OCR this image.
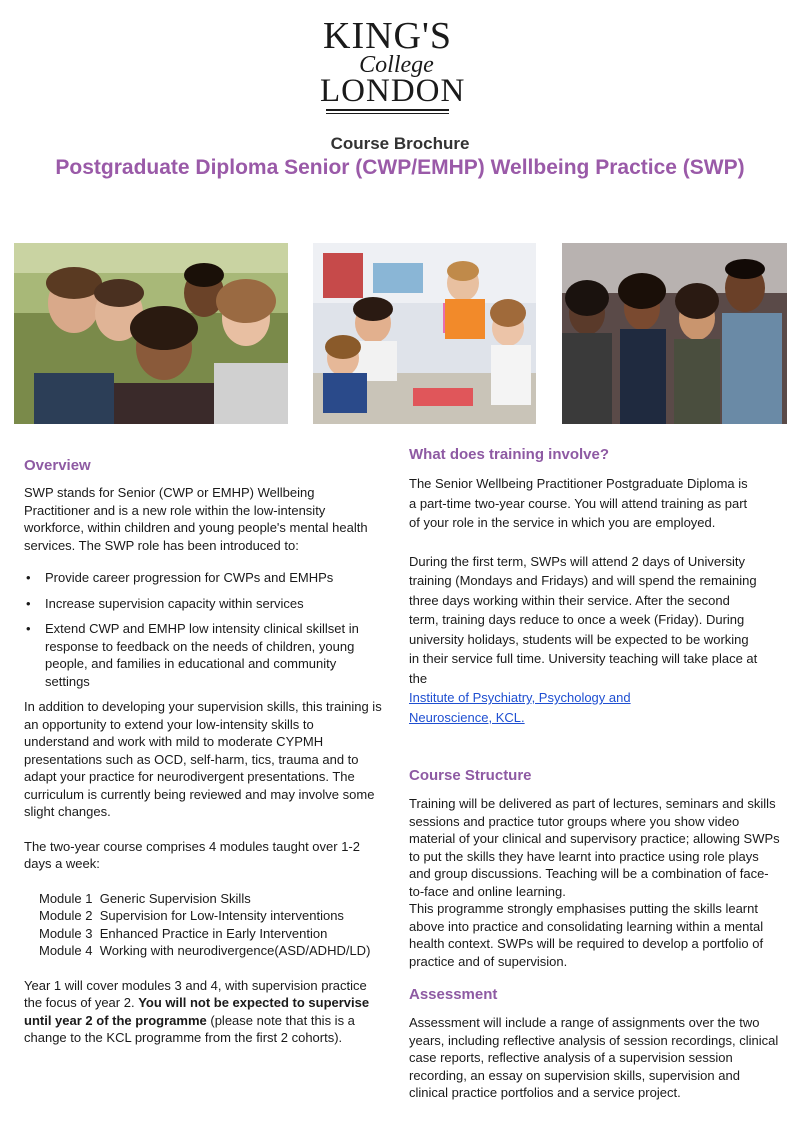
KING'S
College
LONDON
Course Brochure
Postgraduate Diploma Senior (CWP/EMHP) Wellbeing Practice (SWP)
Overview

SWP stands for Senior (CWP or EMHP) Wellbeing Practitioner and is a new role within the low-intensity workforce, within children and young people's mental health services. The SWP role has been introduced to:

• Provide career progression for CWPs and EMHPs
• Increase supervision capacity within services
• Extend CWP and EMHP low intensity clinical skillset in response to feedback on the needs of children, young people, and families in educational and community settings

In addition to developing your supervision skills, this training is an opportunity to extend your low-intensity skills to understand and work with mild to moderate CYPMH presentations such as OCD, self-harm, tics, trauma and to adapt your practice for neurodivergent presentations. The curriculum is currently being reviewed and may involve some slight changes.

The two-year course comprises 4 modules taught over 1-2 days a week:

Module 1  Generic Supervision Skills
Module 2  Supervision for Low-Intensity interventions
Module 3  Enhanced Practice in Early Intervention
Module 4  Working with neurodivergence(ASD/ADHD/LD)

Year 1 will cover modules 3 and 4, with supervision practice the focus of year 2. You will not be expected to supervise until year 2 of the programme (please note that this is a change to the KCL programme from the first 2 cohorts).

What does training involve?

The Senior Wellbeing Practitioner Postgraduate Diploma is a part-time two-year course. You will attend training as part of your role in the service in which you are employed.

During the first term, SWPs will attend 2 days of University training (Mondays and Fridays) and will spend the remaining three days working within their service. After the second term, training days reduce to once a week (Friday). During university holidays, students will be expected to be working in their service full time. University teaching will take place at the
Institute of Psychiatry, Psychology and Neuroscience, KCL.

Course Structure

Training will be delivered as part of lectures, seminars and skills sessions and practice tutor groups where you show video material of your clinical and supervisory practice; allowing SWPs to put the skills they have learnt into practice using role plays and group discussions. Teaching will be a combination of face-to-face and online learning.

This programme strongly emphasises putting the skills learnt above into practice and consolidating learning within a mental health context. SWPs will be required to develop a portfolio of practice and of supervision.

Assessment

Assessment will include a range of assignments over the two years, including reflective analysis of session recordings, clinical case reports, reflective analysis of a supervision session recording, an essay on supervision skills, supervision and clinical practice portfolios and a service project.
